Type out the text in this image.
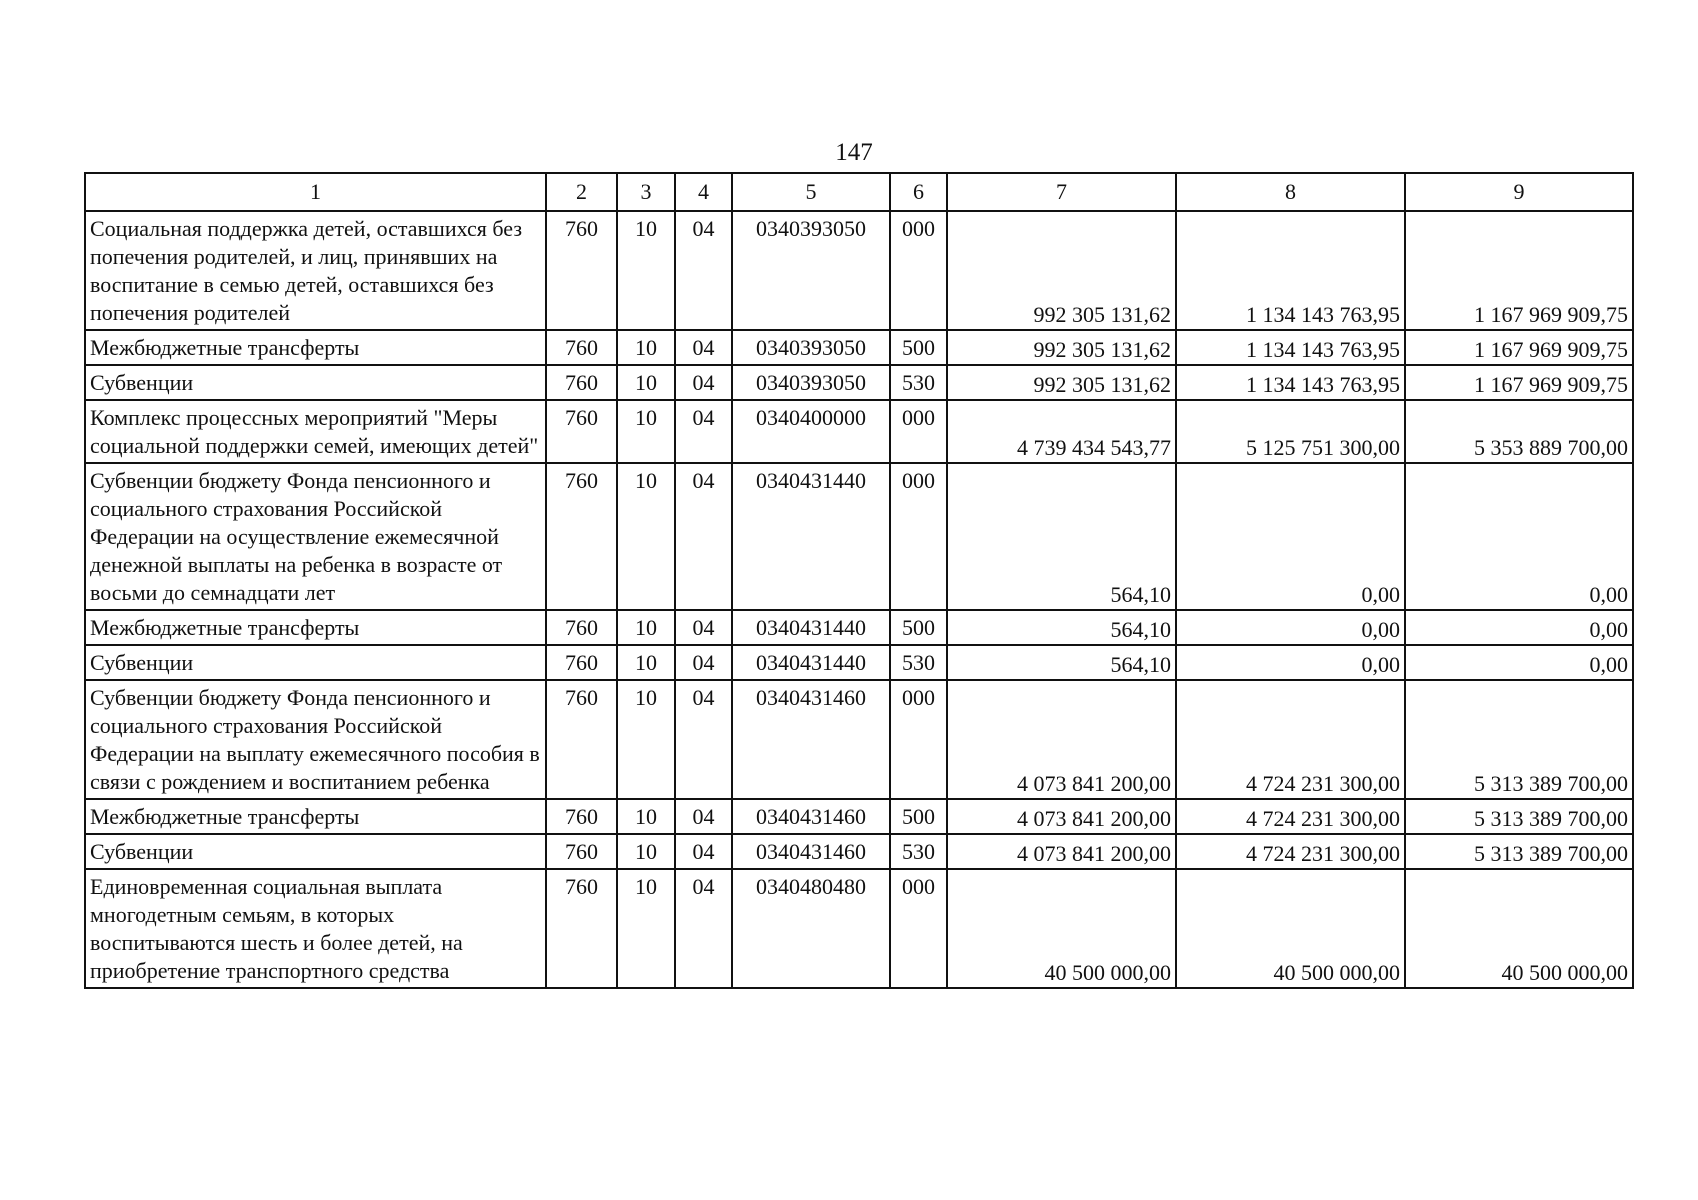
147
1	2	3	4	5	6	7	8	9
Социальная поддержка детей, оставшихся без попечения родителей, и лиц, принявших на воспитание в семью детей, оставшихся без попечения родителей	760	10	04	0340393050	000	992 305 131,62	1 134 143 763,95	1 167 969 909,75
Межбюджетные трансферты	760	10	04	0340393050	500	992 305 131,62	1 134 143 763,95	1 167 969 909,75
Субвенции	760	10	04	0340393050	530	992 305 131,62	1 134 143 763,95	1 167 969 909,75
Комплекс процессных мероприятий "Меры социальной поддержки семей, имеющих детей"	760	10	04	0340400000	000	4 739 434 543,77	5 125 751 300,00	5 353 889 700,00
Субвенции бюджету Фонда пенсионного и социального страхования Российской Федерации на осуществление ежемесячной денежной выплаты на ребенка в возрасте от восьми до семнадцати лет	760	10	04	0340431440	000	564,10	0,00	0,00
Межбюджетные трансферты	760	10	04	0340431440	500	564,10	0,00	0,00
Субвенции	760	10	04	0340431440	530	564,10	0,00	0,00
Субвенции бюджету Фонда пенсионного и социального страхования Российской Федерации на выплату ежемесячного пособия в связи с рождением и воспитанием ребенка	760	10	04	0340431460	000	4 073 841 200,00	4 724 231 300,00	5 313 389 700,00
Межбюджетные трансферты	760	10	04	0340431460	500	4 073 841 200,00	4 724 231 300,00	5 313 389 700,00
Субвенции	760	10	04	0340431460	530	4 073 841 200,00	4 724 231 300,00	5 313 389 700,00
Единовременная социальная выплата многодетным семьям, в которых воспитываются шесть и более детей, на приобретение транспортного средства	760	10	04	0340480480	000	40 500 000,00	40 500 000,00	40 500 000,00
